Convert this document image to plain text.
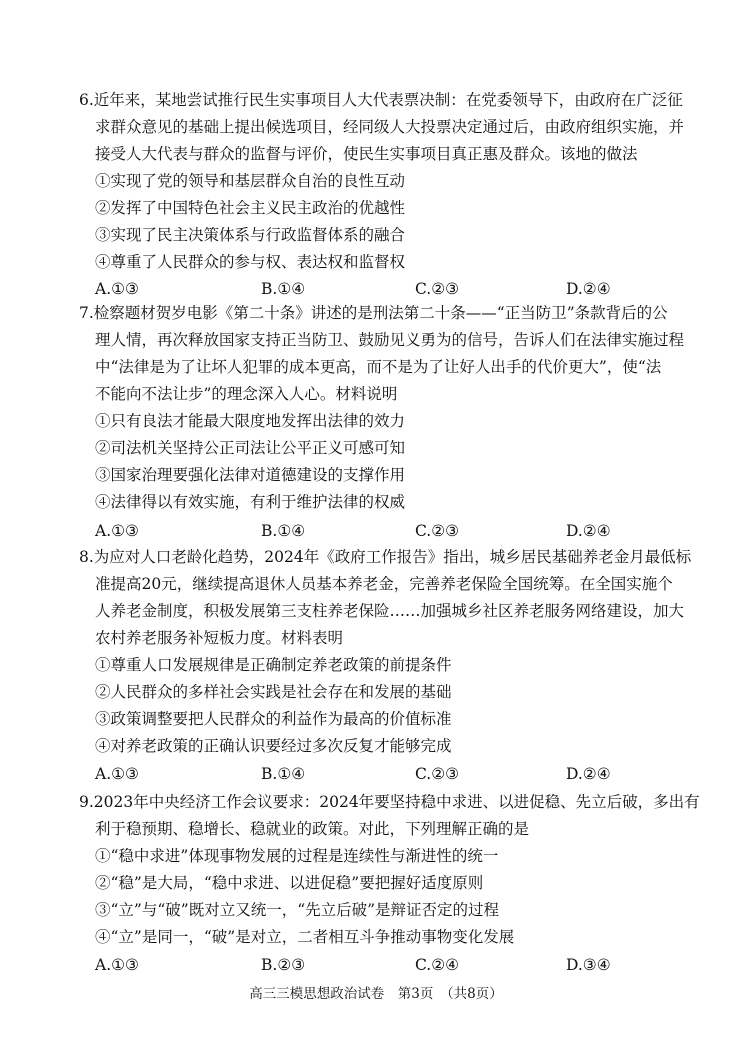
6.近年来，某地尝试推行民生实事项目人大代表票决制：在党委领导下，由政府在广泛征
求群众意见的基础上提出候选项目，经同级人大投票决定通过后，由政府组织实施，并
接受人大代表与群众的监督与评价，使民生实事项目真正惠及群众。该地的做法
①实现了党的领导和基层群众自治的良性互动
②发挥了中国特色社会主义民主政治的优越性
③实现了民主决策体系与行政监督体系的融合
④尊重了人民群众的参与权、表达权和监督权
A.①③	B.①④	C.②③	D.②④
7.检察题材贺岁电影《第二十条》讲述的是刑法第二十条——“正当防卫”条款背后的公
理人情，再次释放国家支持正当防卫、鼓励见义勇为的信号，告诉人们在法律实施过程
中“法律是为了让坏人犯罪的成本更高，而不是为了让好人出手的代价更大”，使“法
不能向不法让步”的理念深入人心。材料说明
①只有良法才能最大限度地发挥出法律的效力
②司法机关坚持公正司法让公平正义可感可知
③国家治理要强化法律对道德建设的支撑作用
④法律得以有效实施，有利于维护法律的权威
A.①③	B.①④	C.②③	D.②④
8.为应对人口老龄化趋势，2024年《政府工作报告》指出，城乡居民基础养老金月最低标
准提高20元，继续提高退休人员基本养老金，完善养老保险全国统筹。在全国实施个
人养老金制度，积极发展第三支柱养老保险……加强城乡社区养老服务网络建设，加大
农村养老服务补短板力度。材料表明
①尊重人口发展规律是正确制定养老政策的前提条件
②人民群众的多样社会实践是社会存在和发展的基础
③政策调整要把人民群众的利益作为最高的价值标准
④对养老政策的正确认识要经过多次反复才能够完成
A.①③	B.①④	C.②③	D.②④
9.2023年中央经济工作会议要求：2024年要坚持稳中求进、以进促稳、先立后破，多出有
利于稳预期、稳增长、稳就业的政策。对此，下列理解正确的是
①“稳中求进”体现事物发展的过程是连续性与渐进性的统一
②“稳”是大局，“稳中求进、以进促稳”要把握好适度原则
③“立”与“破”既对立又统一，“先立后破”是辩证否定的过程
④“立”是同一，“破”是对立，二者相互斗争推动事物变化发展
A.①③	B.②③	C.②④	D.③④
高三三模思想政治试卷　第3页　（共8页）
